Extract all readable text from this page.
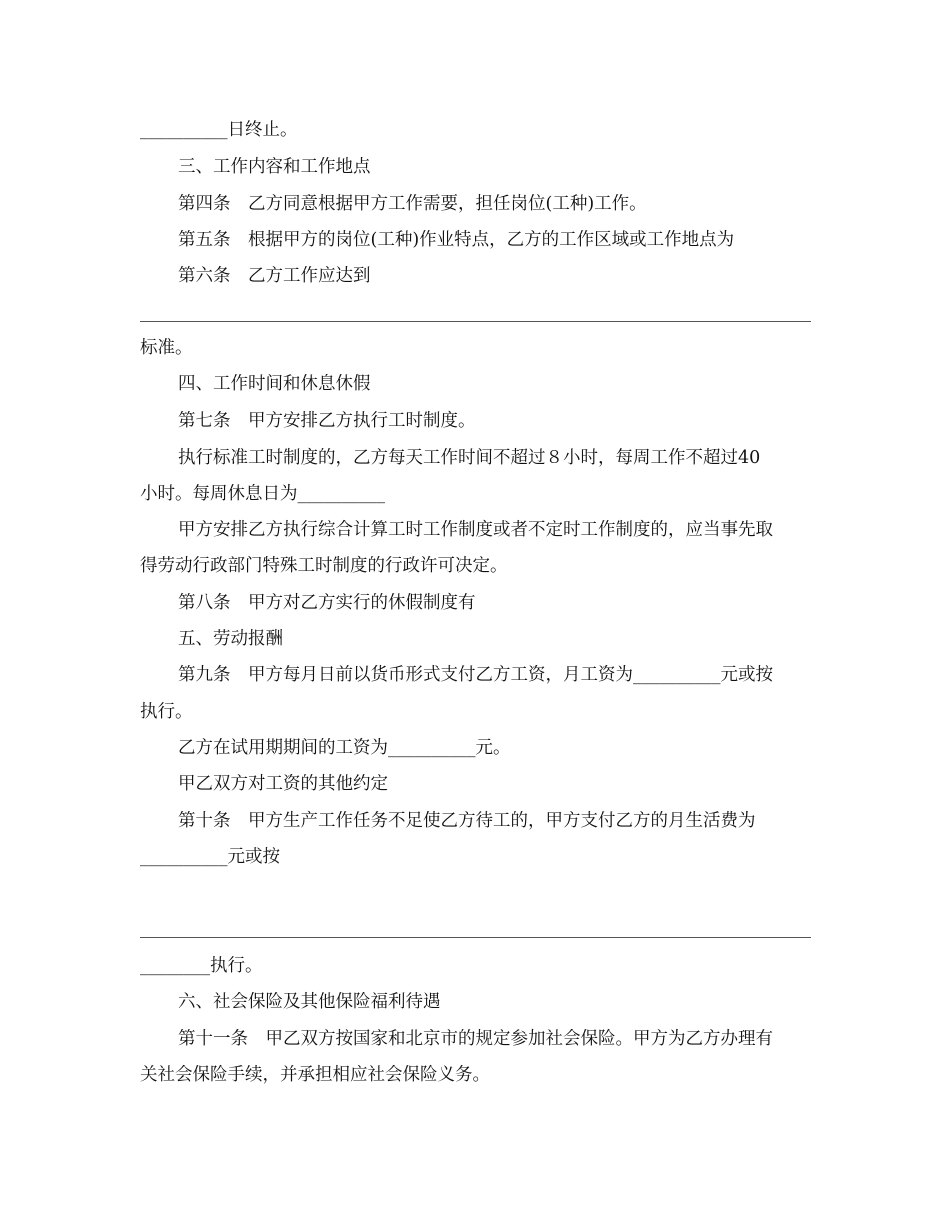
__________日终止。
三、工作内容和工作地点
第四条　乙方同意根据甲方工作需要，担任岗位(工种)工作。
第五条　根据甲方的岗位(工种)作业特点，乙方的工作区域或工作地点为
第六条　乙方工作应达到
标准。
四、工作时间和休息休假
第七条　甲方安排乙方执行工时制度。
执行标准工时制度的，乙方每天工作时间不超过８小时，每周工作不超过40
小时。每周休息日为__________
甲方安排乙方执行综合计算工时工作制度或者不定时工作制度的，应当事先取
得劳动行政部门特殊工时制度的行政许可决定。
第八条　甲方对乙方实行的休假制度有
五、劳动报酬
第九条　甲方每月日前以货币形式支付乙方工资，月工资为__________元或按
执行。
乙方在试用期期间的工资为__________元。
甲乙双方对工资的其他约定
第十条　甲方生产工作任务不足使乙方待工的，甲方支付乙方的月生活费为
__________元或按
________执行。
六、社会保险及其他保险福利待遇
第十一条　甲乙双方按国家和北京市的规定参加社会保险。甲方为乙方办理有
关社会保险手续，并承担相应社会保险义务。
